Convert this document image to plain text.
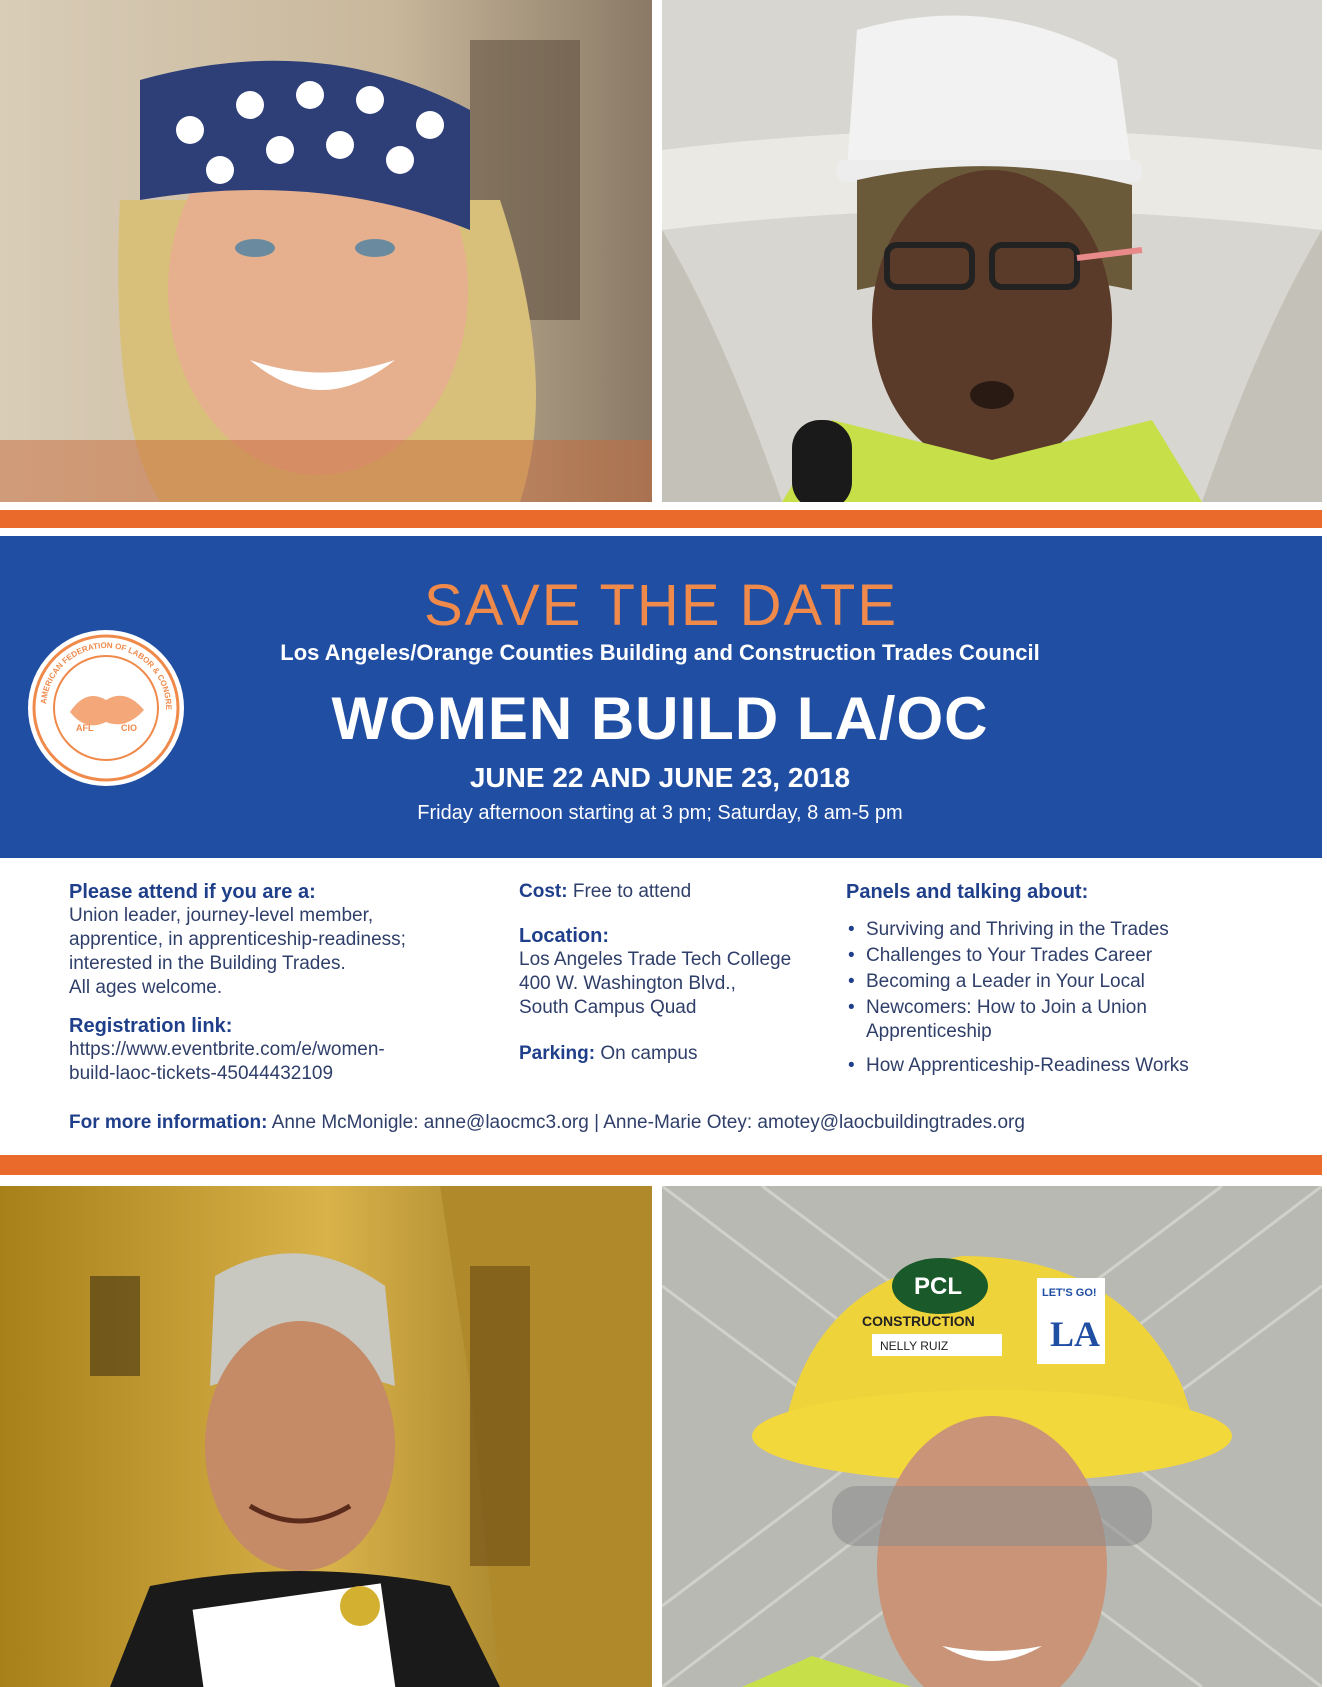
SAVE THE DATE
AFL	CIO
AMERICAN FEDERATION OF LABOR & CONGRE
Los Angeles/Orange Counties Building and Construction Trades Council
WOMEN BUILD LA/OC
JUNE 22 AND JUNE 23, 2018
Friday afternoon starting at 3 pm; Saturday, 8 am-5 pm
Please attend if you are a:
Union leader, journey-level member,
apprentice, in apprenticeship-readiness;
interested in the Building Trades.
All ages welcome.
Registration link:
https://www.eventbrite.com/e/women-
build-laoc-tickets-45044432109
Cost: Free to attend
Location:
Los Angeles Trade Tech College
400 W. Washington Blvd.,
South Campus Quad
Parking: On campus
Panels and talking about:
• Surviving and Thriving in the Trades
• Challenges to Your Trades Career
• Becoming a Leader in Your Local
• Newcomers: How to Join a Union Apprenticeship
• How Apprenticeship-Readiness Works
For more information: Anne McMonigle: anne@laocmc3.org | Anne-Marie Otey: amotey@laocbuildingtrades.org
PCL
CONSTRUCTION
NELLY RUIZ
LET'S GO!
LA
